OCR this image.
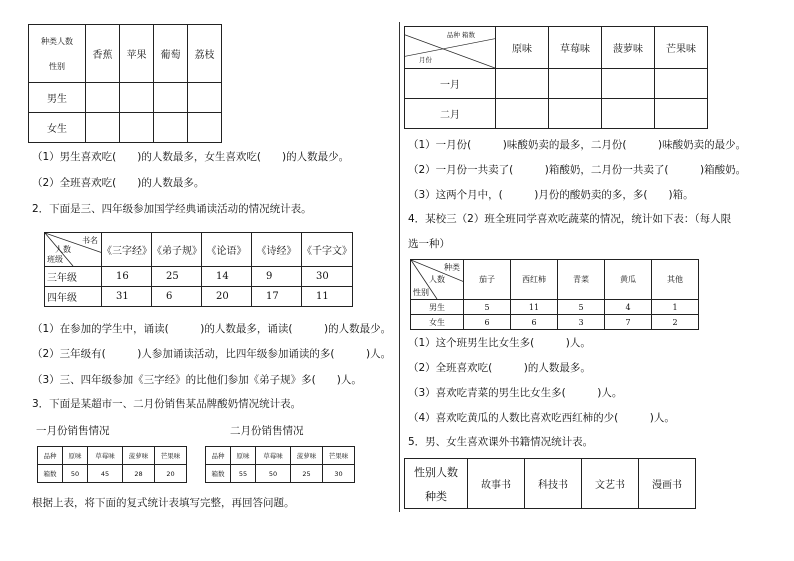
种类人数
性别	香蕉	苹果	葡萄	荔枝
男生				
女生				
（1）男生喜欢吃(　　)的人数最多，女生喜欢吃(　　)的人数最少。
（2）全班喜欢吃(　　)的人数最多。
2．下面是三、四年级参加国学经典诵读活动的情况统计表。
书名
人数
班级	《三字经》	《弟子规》	《论语》	《诗经》	《千字文》
三年级	16	25	14	9	30
四年级	31	6	20	17	11
（1）在参加的学生中，诵读(　　　)的人数最多，诵读(　　　)的人数最少。
（2）三年级有(　　　)人参加诵读活动，比四年级参加诵读的多(　　　)人。
（3）三、四年级参加《三字经》的比他们参加《弟子规》多(　　)人。
3．下面是某超市一、二月份销售某品牌酸奶情况统计表。
一月份销售情况	二月份销售情况
品种	原味	草莓味	菠萝味	芒果味
箱数	50	45	28	20
品种	原味	草莓味	菠萝味	芒果味
箱数	55	50	25	30
根据上表，将下面的复式统计表填写完整，再回答问题。
品种 箱数
月份	原味	草莓味	菠萝味	芒果味
一月				
二月				
（1）一月份(　　　)味酸奶卖的最多，二月份(　　　)味酸奶卖的最少。
（2）一月份一共卖了(　　　)箱酸奶，二月份一共卖了(　　　)箱酸奶。
（3）这两个月中，(　　　)月份的酸奶卖的多，多(　　)箱。
4．某校三（2）班全班同学喜欢吃蔬菜的情况，统计如下表：（每人限
选一种）
种类
人数
性别	茄子	西红柿	青菜	黄瓜	其他
男生	5	11	5	4	1
女生	6	6	3	7	2
（1）这个班男生比女生多(　　　)人。
（2）全班喜欢吃(　　　)的人数最多。
（3）喜欢吃青菜的男生比女生多(　　　)人。
（4）喜欢吃黄瓜的人数比喜欢吃西红柿的少(　　　)人。
5．男、女生喜欢课外书籍情况统计表。
性别人数
种类
	故事书	科技书	文艺书	漫画书
